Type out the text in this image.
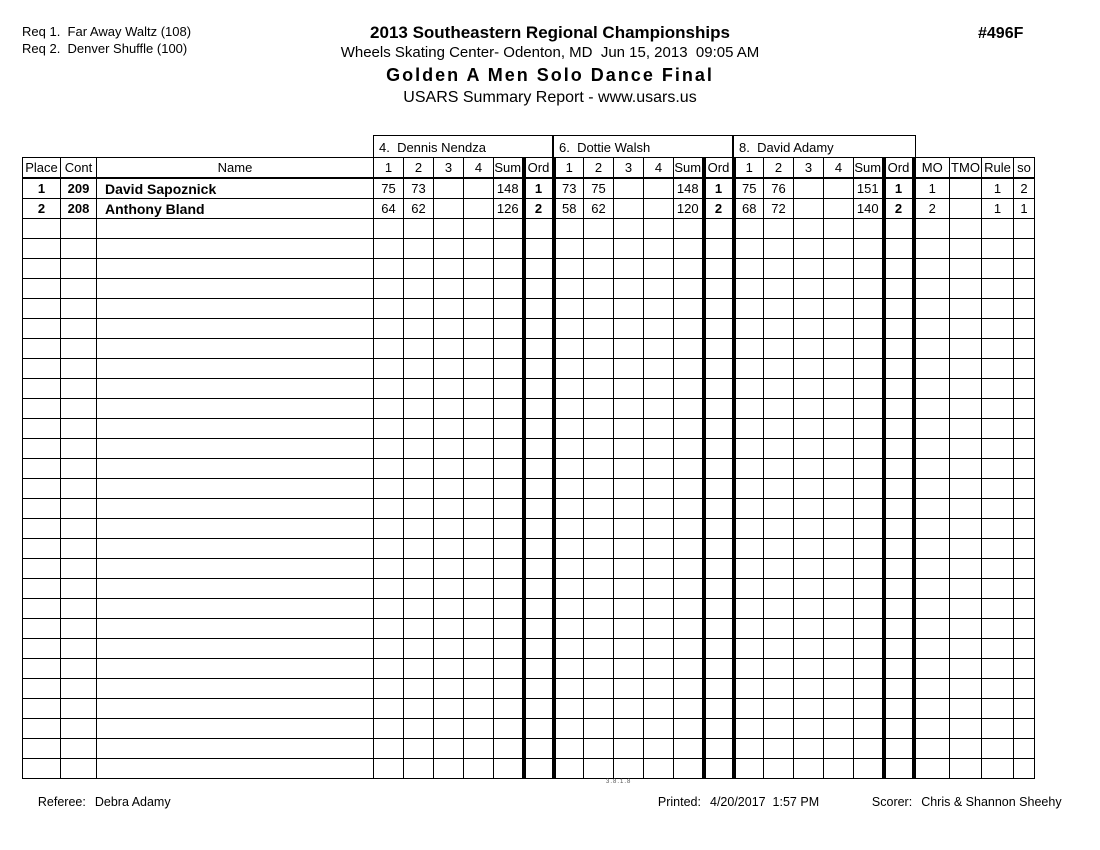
Req 1.  Far Away Waltz (108)
Req 2.  Denver Shuffle (100)
2013 Southeastern Regional Championships
Wheels Skating Center- Odenton, MD  Jun 15, 2013  09:05 AM
Golden A Men Solo Dance Final
USARS Summary Report - www.usars.us
#496F
4.  Dennis Nendza	6.  Dottie Walsh	8.  David Adamy
Place	Cont	Name	1	2	3	4	Sum	Ord	1	2	3	4	Sum	Ord	1	2	3	4	Sum	Ord	MO	TMO	Rule	so
1	209	David Sapoznick	75	73			148	1	73	75			148	1	75	76			151	1	1		1	2
2	208	Anthony Bland	64	62			126	2	58	62			120	2	68	72			140	2	2		1	1

Referee: Debra Adamy

3.8.1.8

Printed: 4/20/2017  1:57 PM
	Scorer: Chris & Shannon Sheehy
